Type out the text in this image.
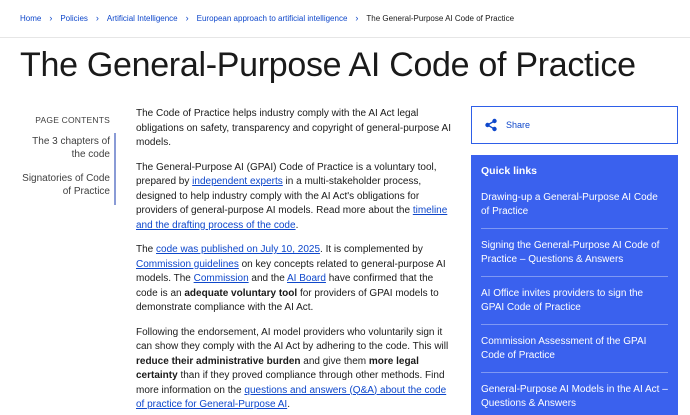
Home › Policies › Artificial Intelligence › European approach to artificial intelligence › The General-Purpose AI Code of Practice
The General-Purpose AI Code of Practice
PAGE CONTENTS
The 3 chapters of the code
Signatories of Code of Practice

The Code of Practice helps industry comply with the AI Act legal obligations on safety, transparency and copyright of general-purpose AI models.

The General-Purpose AI (GPAI) Code of Practice is a voluntary tool, prepared by independent experts in a multi-stakeholder process, designed to help industry comply with the AI Act's obligations for providers of general-purpose AI models. Read more about the timeline and the drafting process of the code.

The code was published on July 10, 2025. It is complemented by Commission guidelines on key concepts related to general-purpose AI models. The Commission and the AI Board have confirmed that the code is an adequate voluntary tool for providers of GPAI models to demonstrate compliance with the AI Act.

Following the endorsement, AI model providers who voluntarily sign it can show they comply with the AI Act by adhering to the code. This will reduce their administrative burden and give them more legal certainty than if they proved compliance through other methods. Find more information on the questions and answers (Q&A) about the code of practice for General-Purpose AI.

Share
Quick links
Drawing-up a General-Purpose AI Code of Practice
Signing the General-Purpose AI Code of Practice – Questions & Answers
AI Office invites providers to sign the GPAI Code of Practice
Commission Assessment of the GPAI Code of Practice
General-Purpose AI Models in the AI Act – Questions & Answers
